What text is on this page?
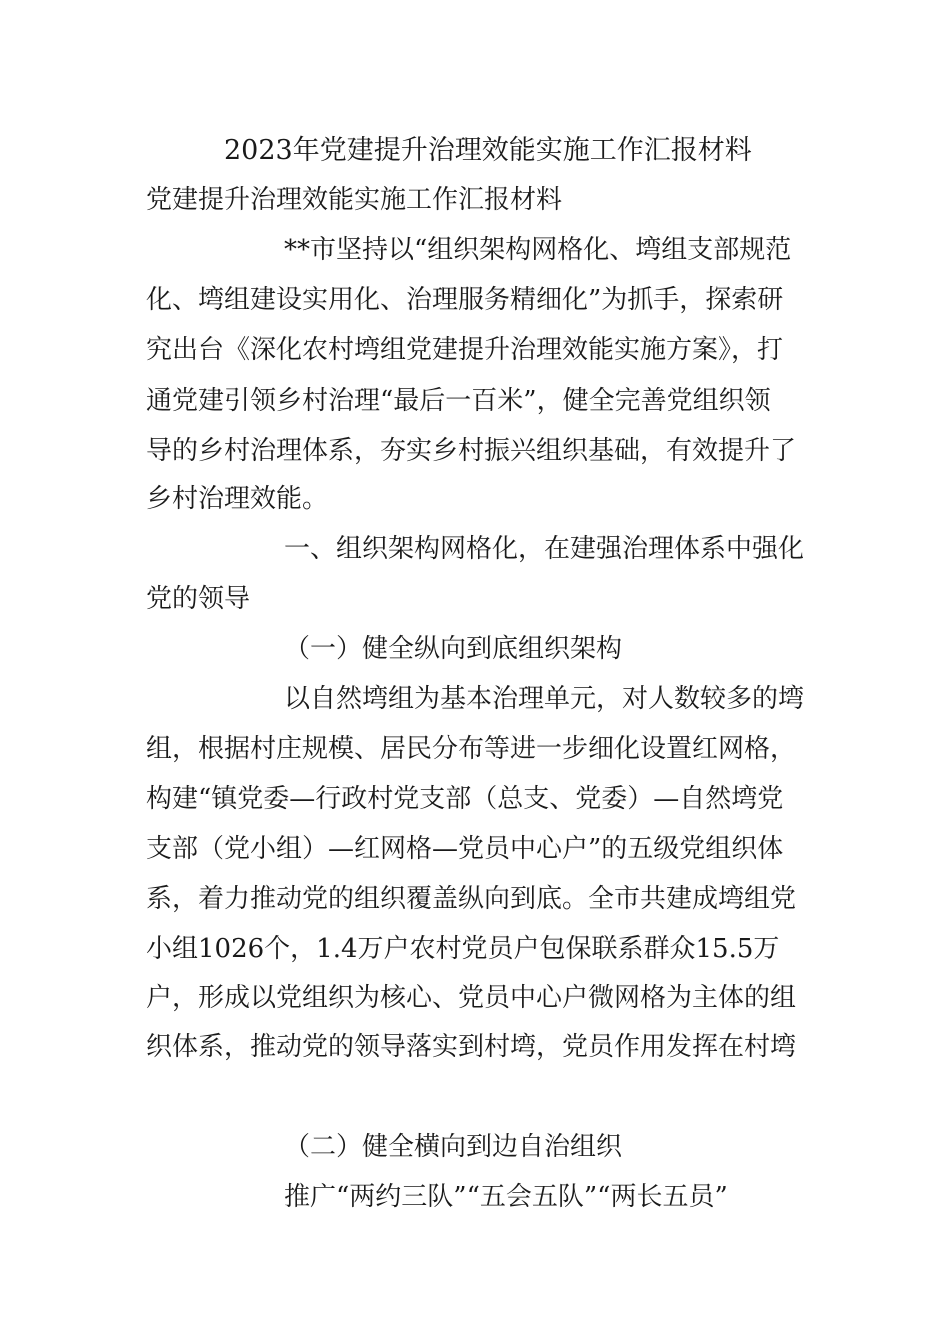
2023年党建提升治理效能实施工作汇报材料

党建提升治理效能实施工作汇报材料

**市坚持以“组织架构网格化、塆组支部规范

化、塆组建设实用化、治理服务精细化”为抓手，探索研

究出台《深化农村塆组党建提升治理效能实施方案》，打

通党建引领乡村治理“最后一百米”，健全完善党组织领

导的乡村治理体系，夯实乡村振兴组织基础，有效提升了

乡村治理效能。

一、组织架构网格化，在建强治理体系中强化

党的领导

（一）健全纵向到底组织架构

以自然塆组为基本治理单元，对人数较多的塆

组，根据村庄规模、居民分布等进一步细化设置红网格，

构建“镇党委—行政村党支部（总支、党委）—自然塆党

支部（党小组）—红网格—党员中心户”的五级党组织体

系，着力推动党的组织覆盖纵向到底。全市共建成塆组党

小组1026个，1.4万户农村党员户包保联系群众15.5万

户，形成以党组织为核心、党员中心户微网格为主体的组

织体系，推动党的领导落实到村塆，党员作用发挥在村塆

（二）健全横向到边自治组织

推广“两约三队”“五会五队”“两长五员”
